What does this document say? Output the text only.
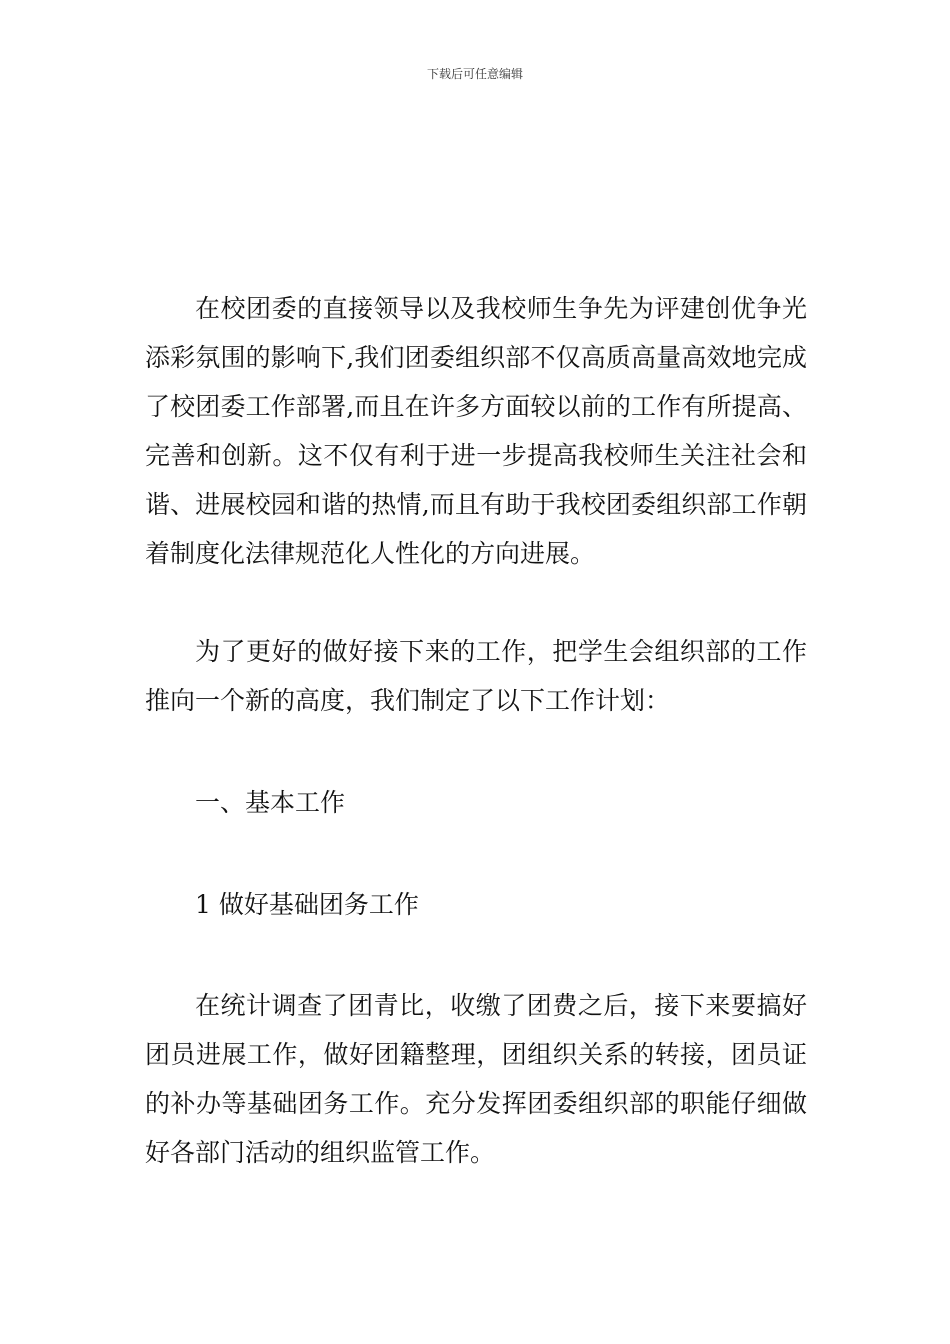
下载后可任意编辑

在校团委的直接领导以及我校师生争先为评建创优争光添彩氛围的影响下,我们团委组织部不仅高质高量高效地完成了校团委工作部署,而且在许多方面较以前的工作有所提高、完善和创新。这不仅有利于进一步提高我校师生关注社会和谐、进展校园和谐的热情,而且有助于我校团委组织部工作朝着制度化法律规范化人性化的方向进展。

为了更好的做好接下来的工作，把学生会组织部的工作推向一个新的高度，我们制定了以下工作计划：

一、基本工作

1 做好基础团务工作

在统计调查了团青比，收缴了团费之后，接下来要搞好团员进展工作，做好团籍整理，团组织关系的转接，团员证的补办等基础团务工作。充分发挥团委组织部的职能仔细做好各部门活动的组织监管工作。
